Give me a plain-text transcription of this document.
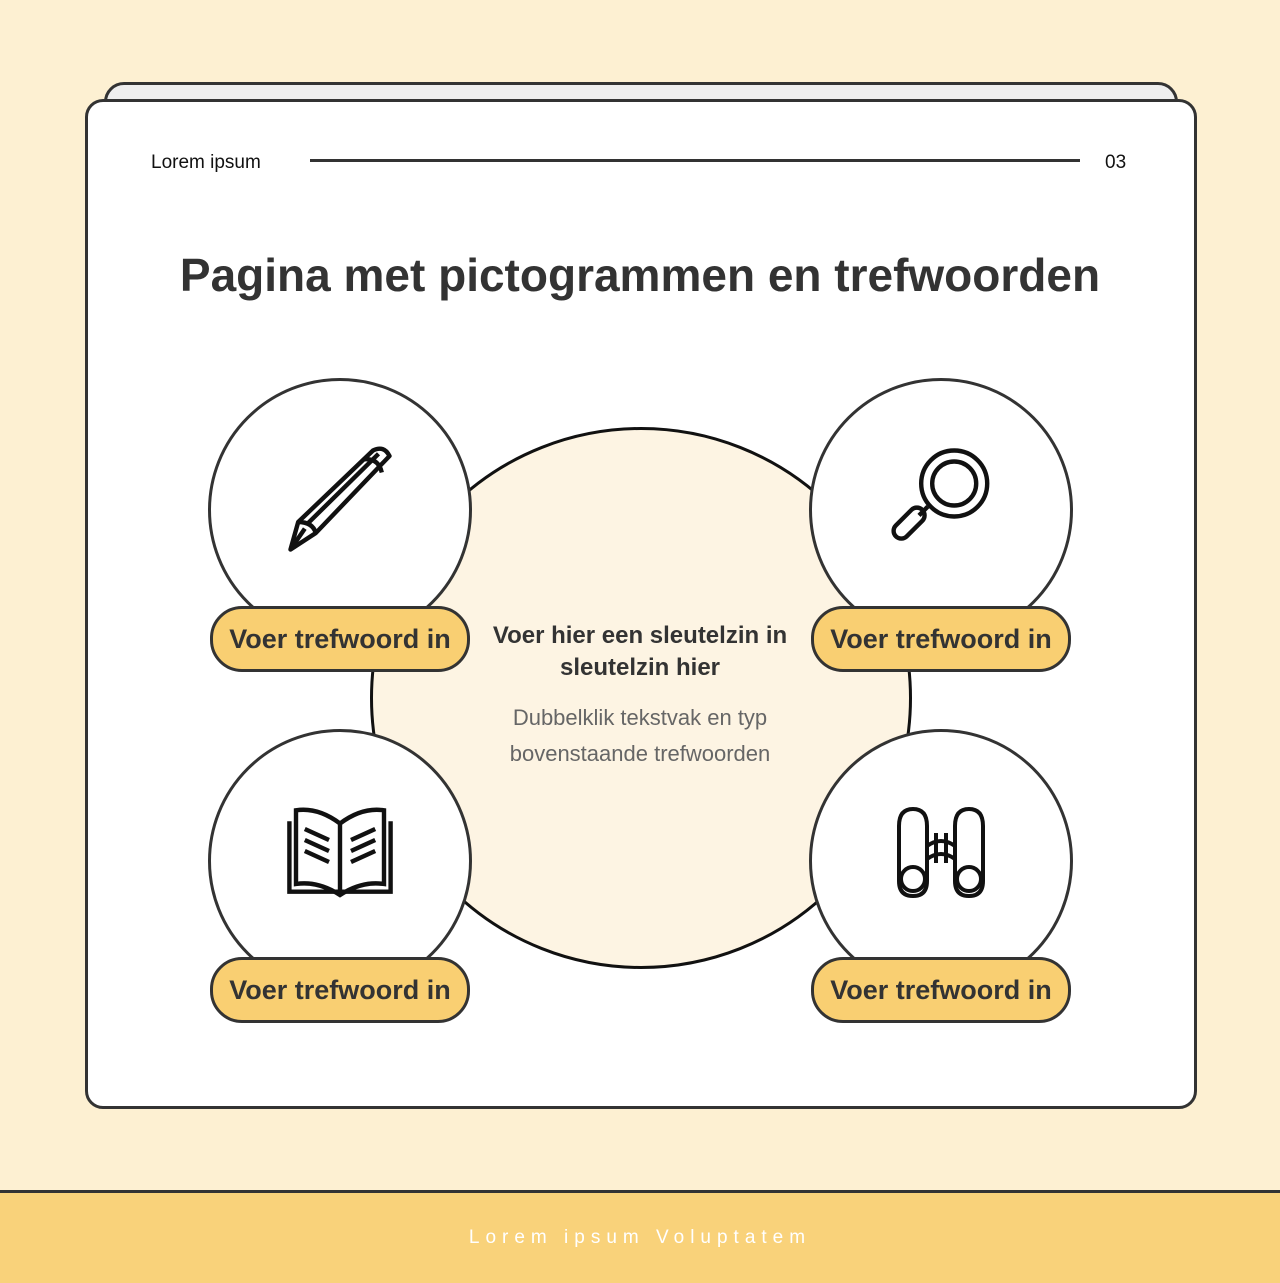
Lorem ipsum	03
Pagina met pictogrammen en trefwoorden
Voer hier een sleutelzin in sleutelzin hier
Dubbelklik tekstvak en typ bovenstaande trefwoorden
Voer trefwoord in	Voer trefwoord in
Voer trefwoord in	Voer trefwoord in
Lorem ipsum Voluptatem
